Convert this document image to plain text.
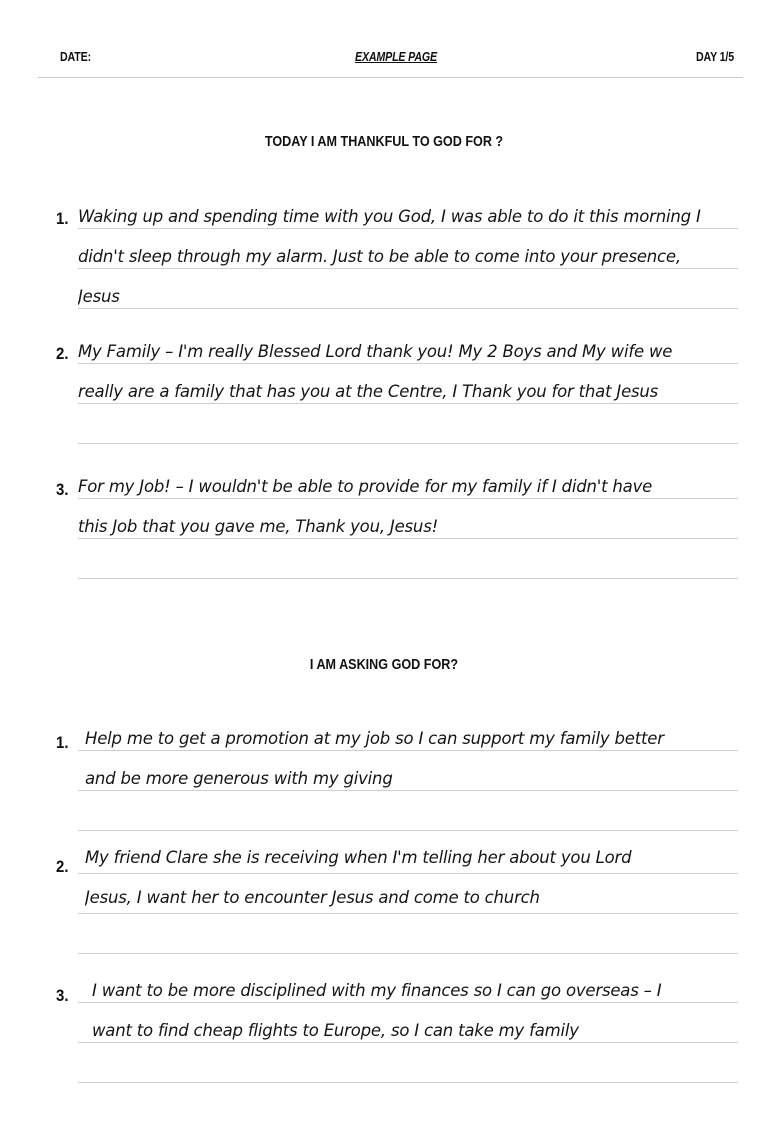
DATE:	EXAMPLE PAGE	DAY 1/5
TODAY I AM THANKFUL TO GOD FOR ?
1. Waking up and spending time with you God, I was able to do it this morning I
didn't sleep through my alarm. Just to be able to come into your presence,
Jesus
2. My Family – I'm really Blessed Lord thank you! My 2 Boys and My wife we
really are a family that has you at the Centre, I Thank you for that Jesus
3. For my Job! – I wouldn't be able to provide for my family if I didn't have
this Job that you gave me, Thank you, Jesus!
I AM ASKING GOD FOR?
1. Help me to get a promotion at my job so I can support my family better
and be more generous with my giving
2. My friend Clare she is receiving when I'm telling her about you Lord
Jesus, I want her to encounter Jesus and come to church
3. I want to be more disciplined with my finances so I can go overseas – I
want to find cheap flights to Europe, so I can take my family
